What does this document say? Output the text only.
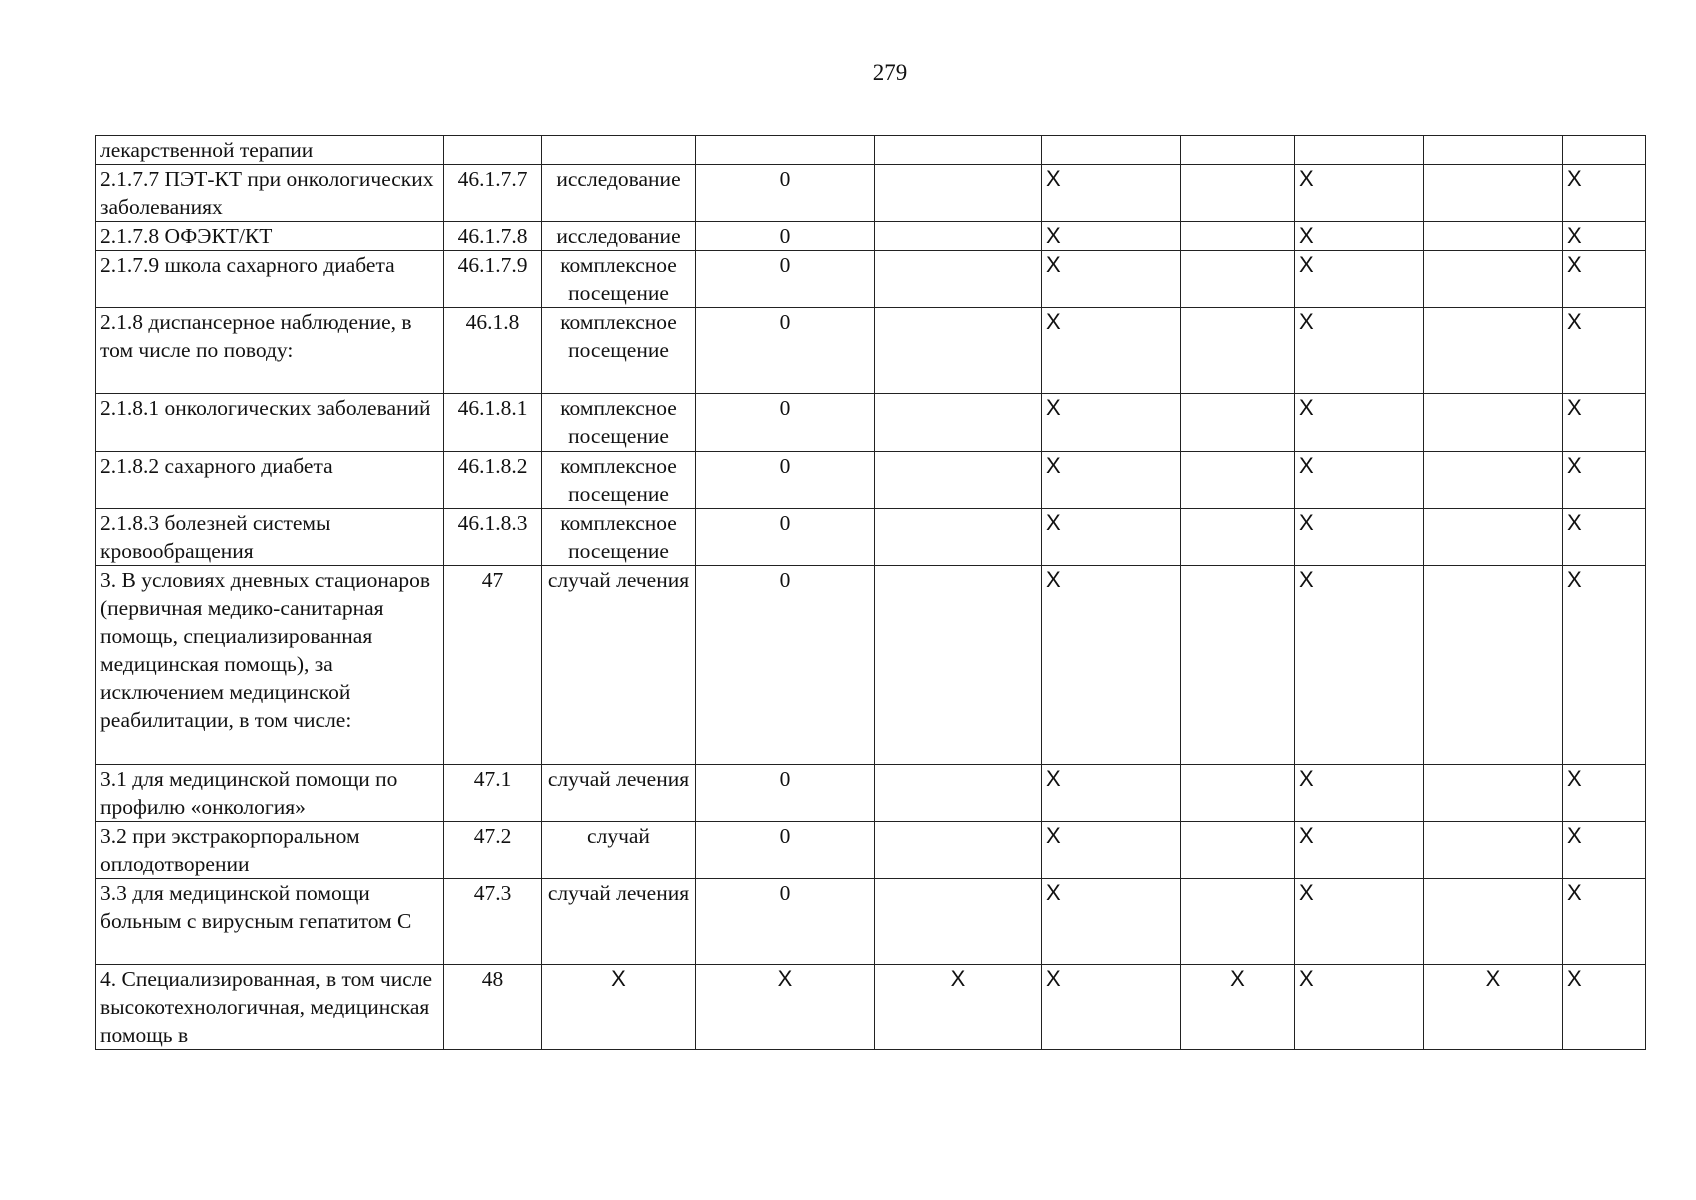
279
лекарственной терапии									
2.1.7.7 ПЭТ-КТ при онкологических заболеваниях	46.1.7.7	исследование	0		X		X		X
2.1.7.8 ОФЭКТ/КТ	46.1.7.8	исследование	0		X		X		X
2.1.7.9 школа сахарного диабета	46.1.7.9	комплексное посещение	0		X		X		X
2.1.8 диспансерное наблюдение, в том числе по поводу:	46.1.8	комплексное посещение	0		X		X		X
2.1.8.1 онкологических заболеваний	46.1.8.1	комплексное посещение	0		X		X		X
2.1.8.2 сахарного диабета	46.1.8.2	комплексное посещение	0		X		X		X
2.1.8.3 болезней системы кровообращения	46.1.8.3	комплексное посещение	0		X		X		X
3. В условиях дневных стационаров (первичная медико-санитарная помощь, специализированная медицинская помощь), за исключением медицинской реабилитации, в том числе:	47	случай лечения	0		X		X		X
3.1 для медицинской помощи по профилю «онкология»	47.1	случай лечения	0		X		X		X
3.2 при экстракорпоральном оплодотворении	47.2	случай	0		X		X		X
3.3 для медицинской помощи больным с вирусным гепатитом С	47.3	случай лечения	0		X		X		X
4. Специализированная, в том числе высокотехнологичная, медицинская помощь в	48	X	X	X	X	X	X	X	X
